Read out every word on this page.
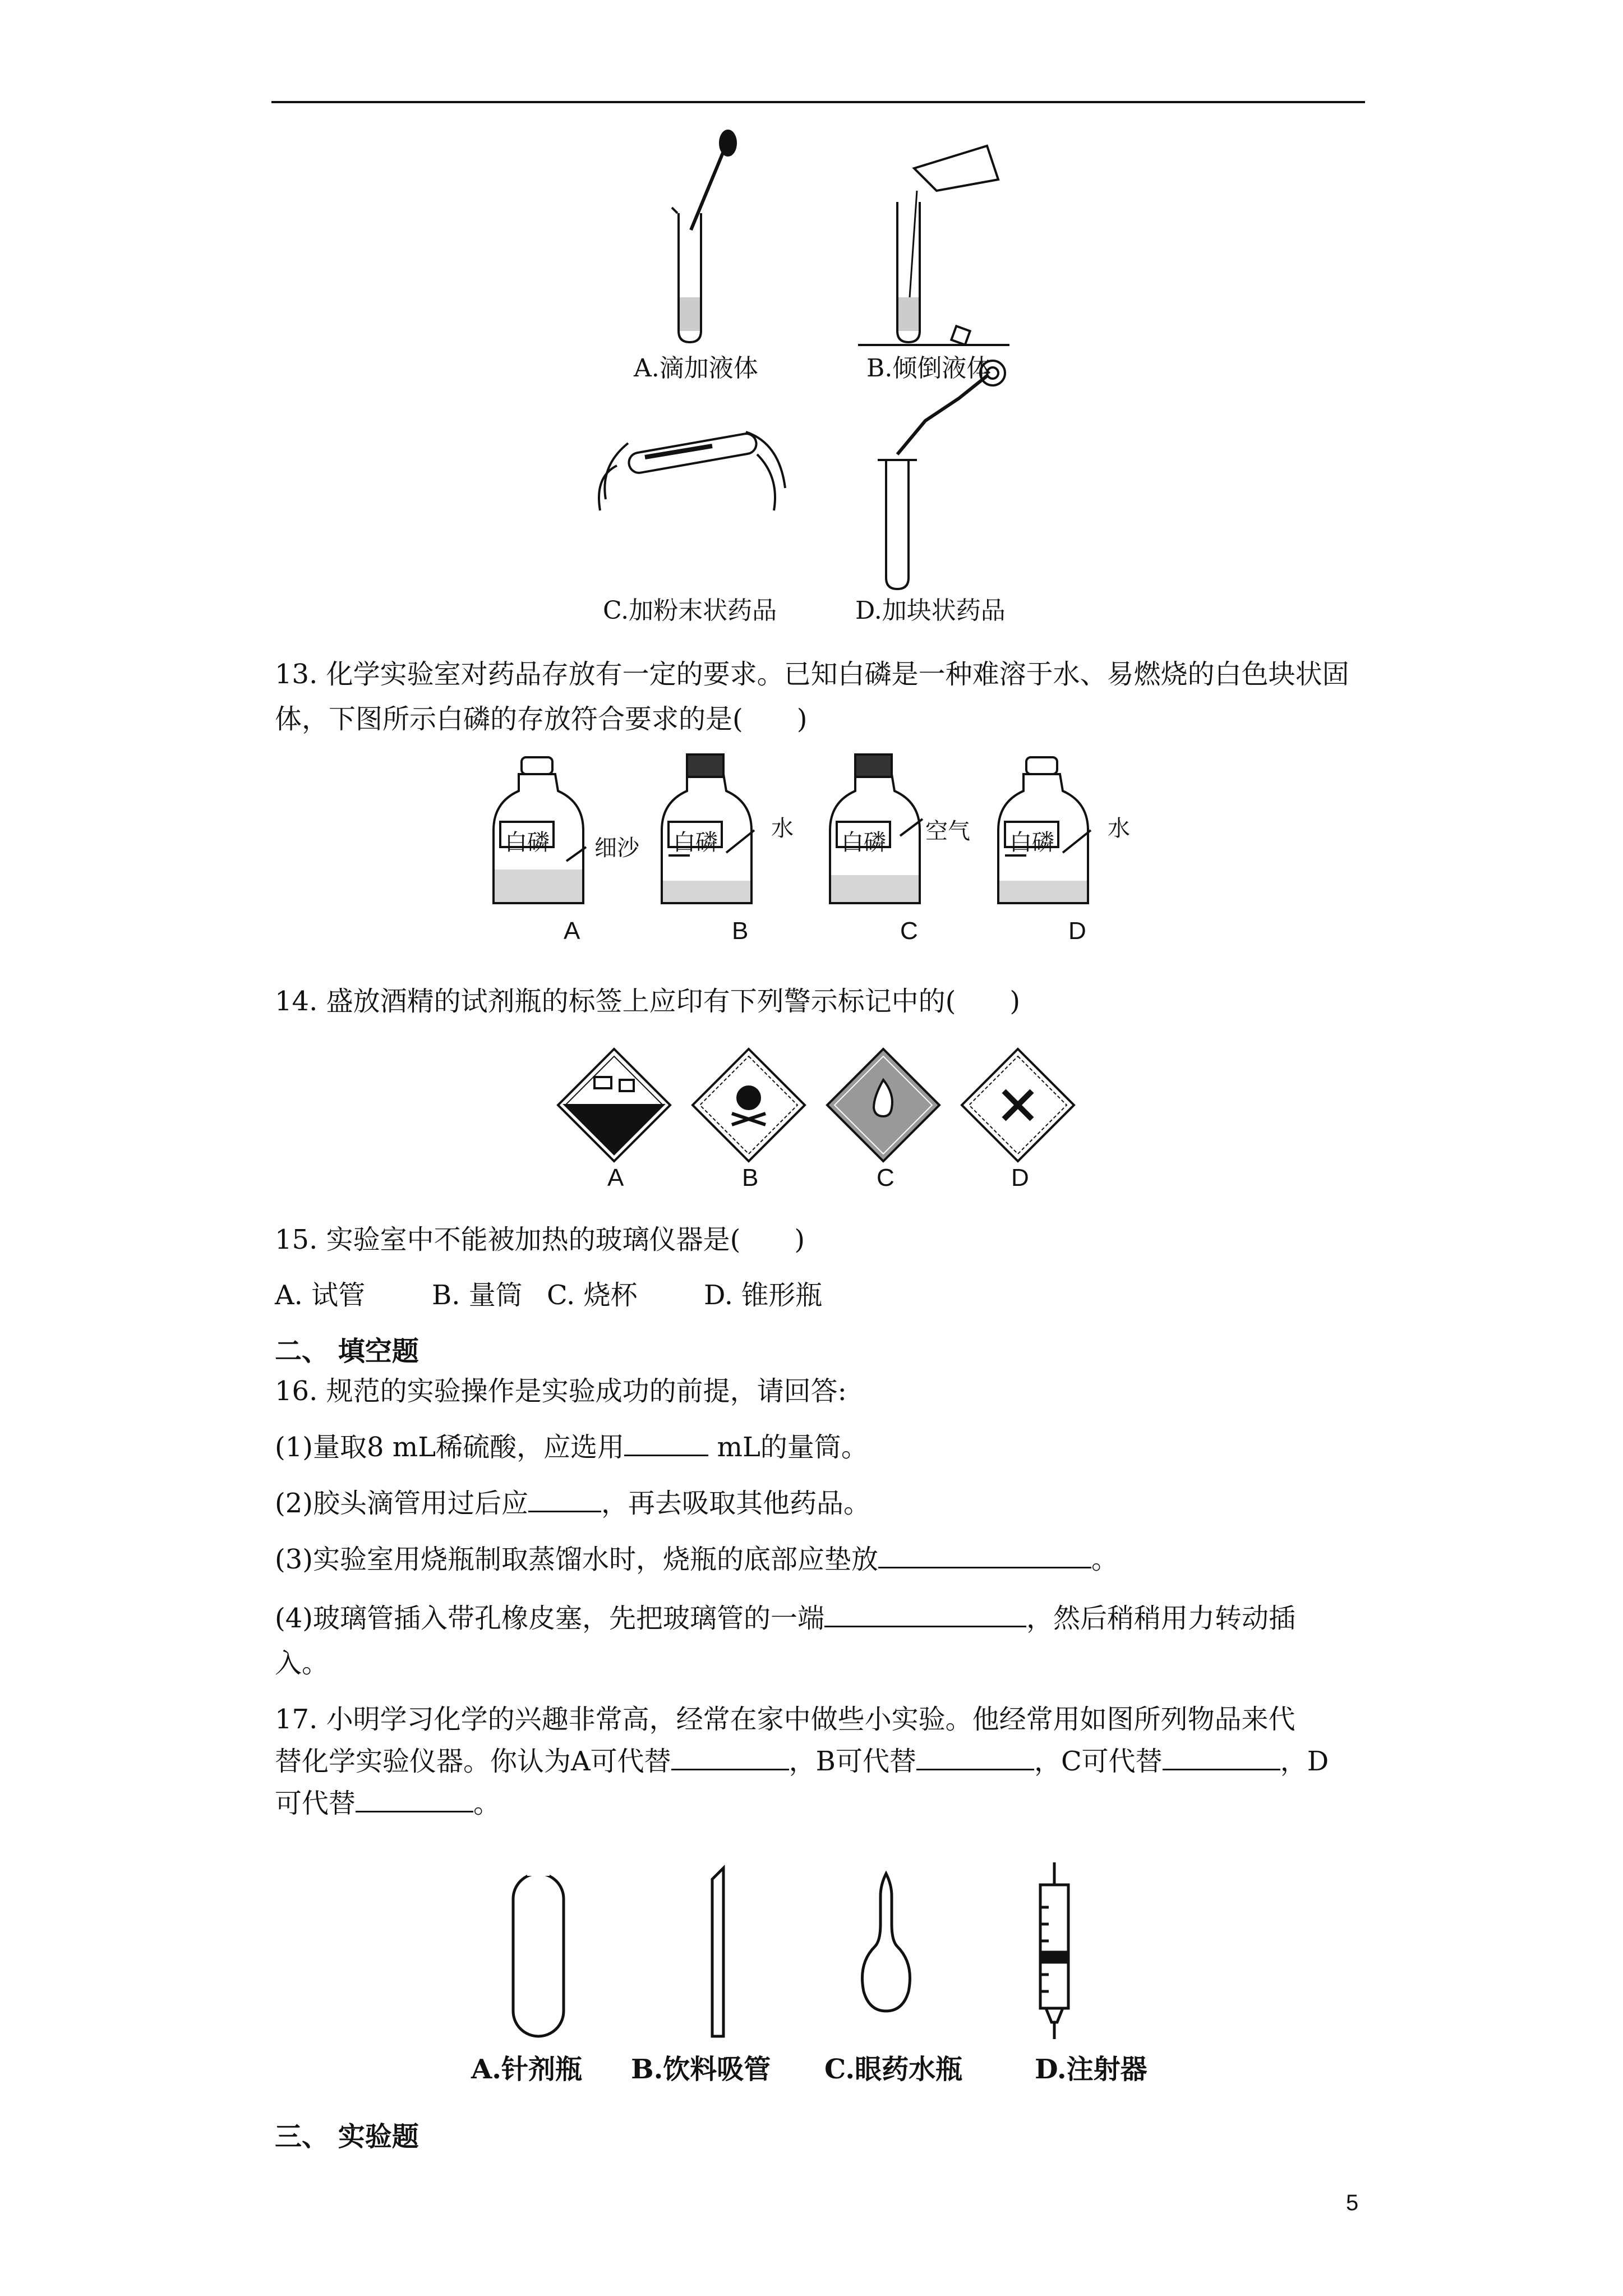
A.滴加液体	B.倾倒液体
C.加粉末状药品	D.加块状药品
13. 化学实验室对药品存放有一定的要求。已知白磷是一种难溶于水、易燃烧的白色块状固体，下图所示白磷的存放符合要求的是(　　)
白磷 细沙 白磷
水
白磷 空气 白磷
水
A	B	C	D
14. 盛放酒精的试剂瓶的标签上应印有下列警示标记中的(　　)
A	B	C	D
15. 实验室中不能被加热的玻璃仪器是(　　)
A. 试管 B. 量筒 C. 烧杯 D. 锥形瓶
二、 填空题
16. 规范的实验操作是实验成功的前提，请回答:
(1)量取8 mL稀硫酸，应选用	mL的量筒。
(2)胶头滴管用过后应	，再去吸取其他药品。
(3)实验室用烧瓶制取蒸馏水时，烧瓶的底部应垫放	。
(4)玻璃管插入带孔橡皮塞，先把玻璃管的一端	，然后稍稍用力转动插
入。
17. 小明学习化学的兴趣非常高，经常在家中做些小实验。他经常用如图所列物品来代
替化学实验仪器。你认为A可代替	，B可代替	，C可代替	，D
可代替	。
A.针剂瓶 B.饮料吸管 C.眼药水瓶	D.注射器
三、 实验题
5
